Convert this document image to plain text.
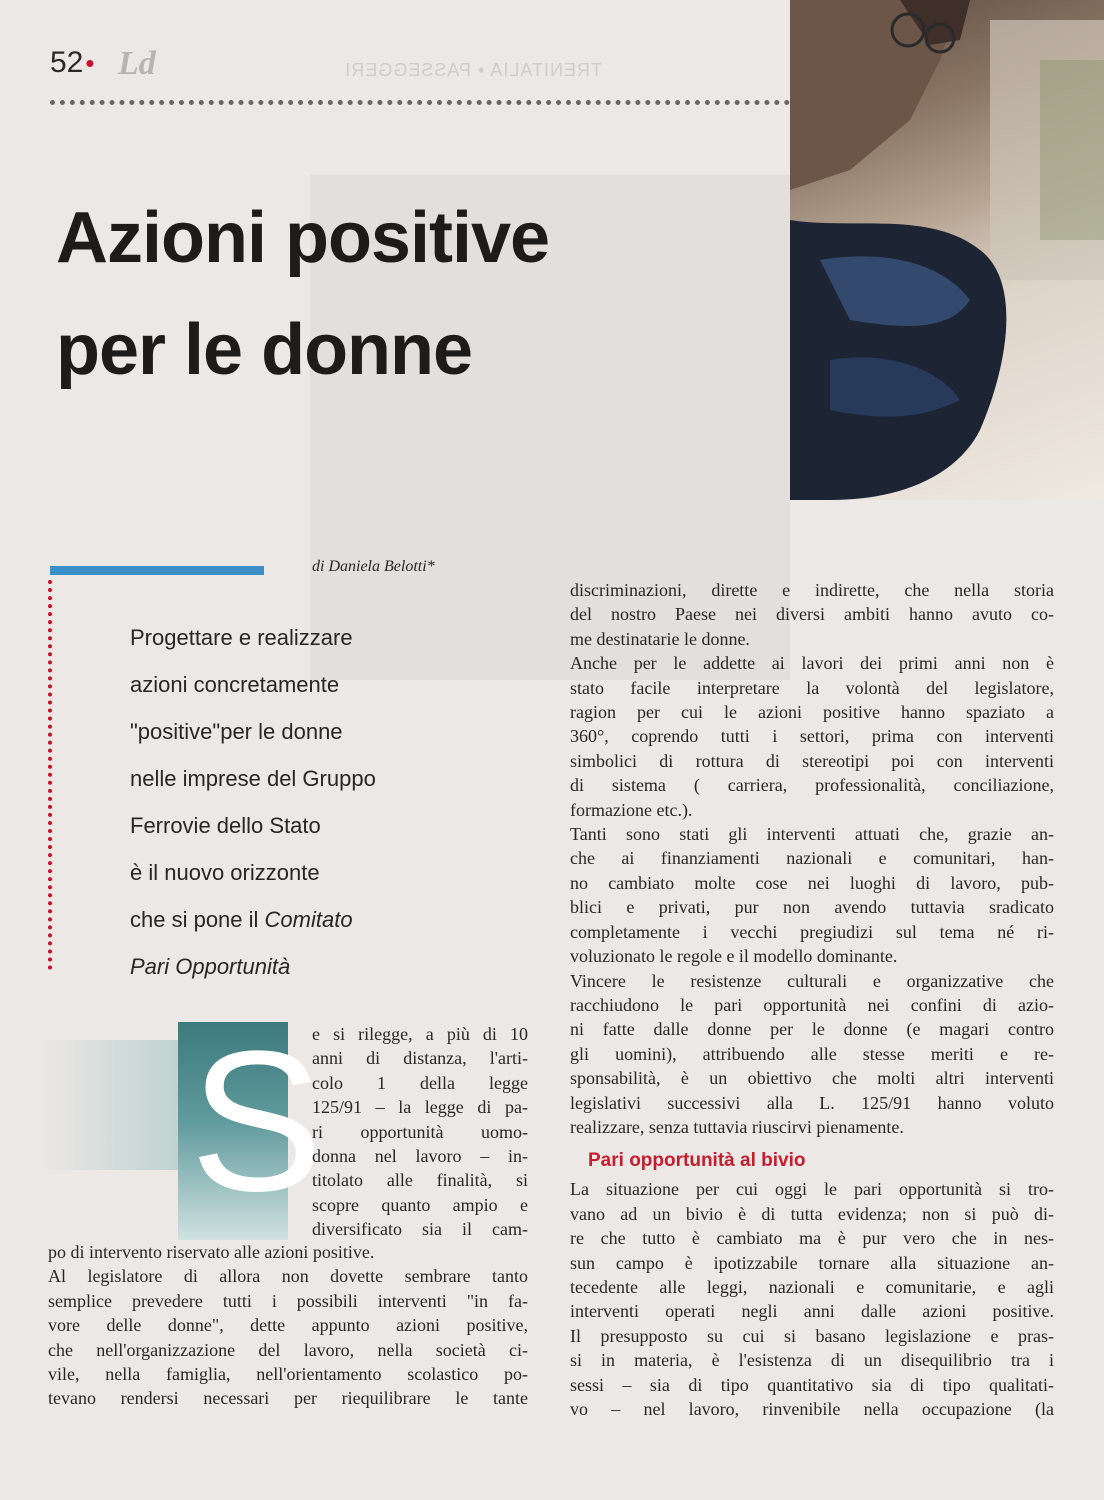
52• Ld	TRENITALIA • PASSEGGERI
Azioni positive
per le donne
di Daniela Belotti*
Progettare e realizzare
azioni concretamente
"positive"per le donne
nelle imprese del Gruppo
Ferrovie dello Stato
è il nuovo orizzonte
che si pone il Comitato
Pari Opportunità
S
e si rilegge, a più di 10
anni di distanza, l'arti-
colo 1 della legge
125/91 – la legge di pa-
ri opportunità uomo-
donna nel lavoro – in-
titolato alle finalità, si
scopre quanto ampio e
diversificato sia il cam-
po di intervento riservato alle azioni positive.
Al legislatore di allora non dovette sembrare tanto
semplice prevedere tutti i possibili interventi "in fa-
vore delle donne", dette appunto azioni positive,
che nell'organizzazione del lavoro, nella società ci-
vile, nella famiglia, nell'orientamento scolastico po-
tevano rendersi necessari per riequilibrare le tante
discriminazioni, dirette e indirette, che nella storia
del nostro Paese nei diversi ambiti hanno avuto co-
me destinatarie le donne.
Anche per le addette ai lavori dei primi anni non è
stato facile interpretare la volontà del legislatore,
ragion per cui le azioni positive hanno spaziato a
360°, coprendo tutti i settori, prima con interventi
simbolici di rottura di stereotipi poi con interventi
di sistema ( carriera, professionalità, conciliazione,
formazione etc.).
Tanti sono stati gli interventi attuati che, grazie an-
che ai finanziamenti nazionali e comunitari, han-
no cambiato molte cose nei luoghi di lavoro, pub-
blici e privati, pur non avendo tuttavia sradicato
completamente i vecchi pregiudizi sul tema né ri-
voluzionato le regole e il modello dominante.
Vincere le resistenze culturali e organizzative che
racchiudono le pari opportunità nei confini di azio-
ni fatte dalle donne per le donne (e magari contro
gli uomini), attribuendo alle stesse meriti e re-
sponsabilità, è un obiettivo che molti altri interventi
legislativi successivi alla L. 125/91 hanno voluto
realizzare, senza tuttavia riuscirvi pienamente.
Pari opportunità al bivio
La situazione per cui oggi le pari opportunità si tro-
vano ad un bivio è di tutta evidenza; non si può di-
re che tutto è cambiato ma è pur vero che in nes-
sun campo è ipotizzabile tornare alla situazione an-
tecedente alle leggi, nazionali e comunitarie, e agli
interventi operati negli anni dalle azioni positive.
Il presupposto su cui si basano legislazione e pras-
si in materia, è l'esistenza di un disequilibrio tra i
sessi – sia di tipo quantitativo sia di tipo qualitati-
vo – nel lavoro, rinvenibile nella occupazione (la
